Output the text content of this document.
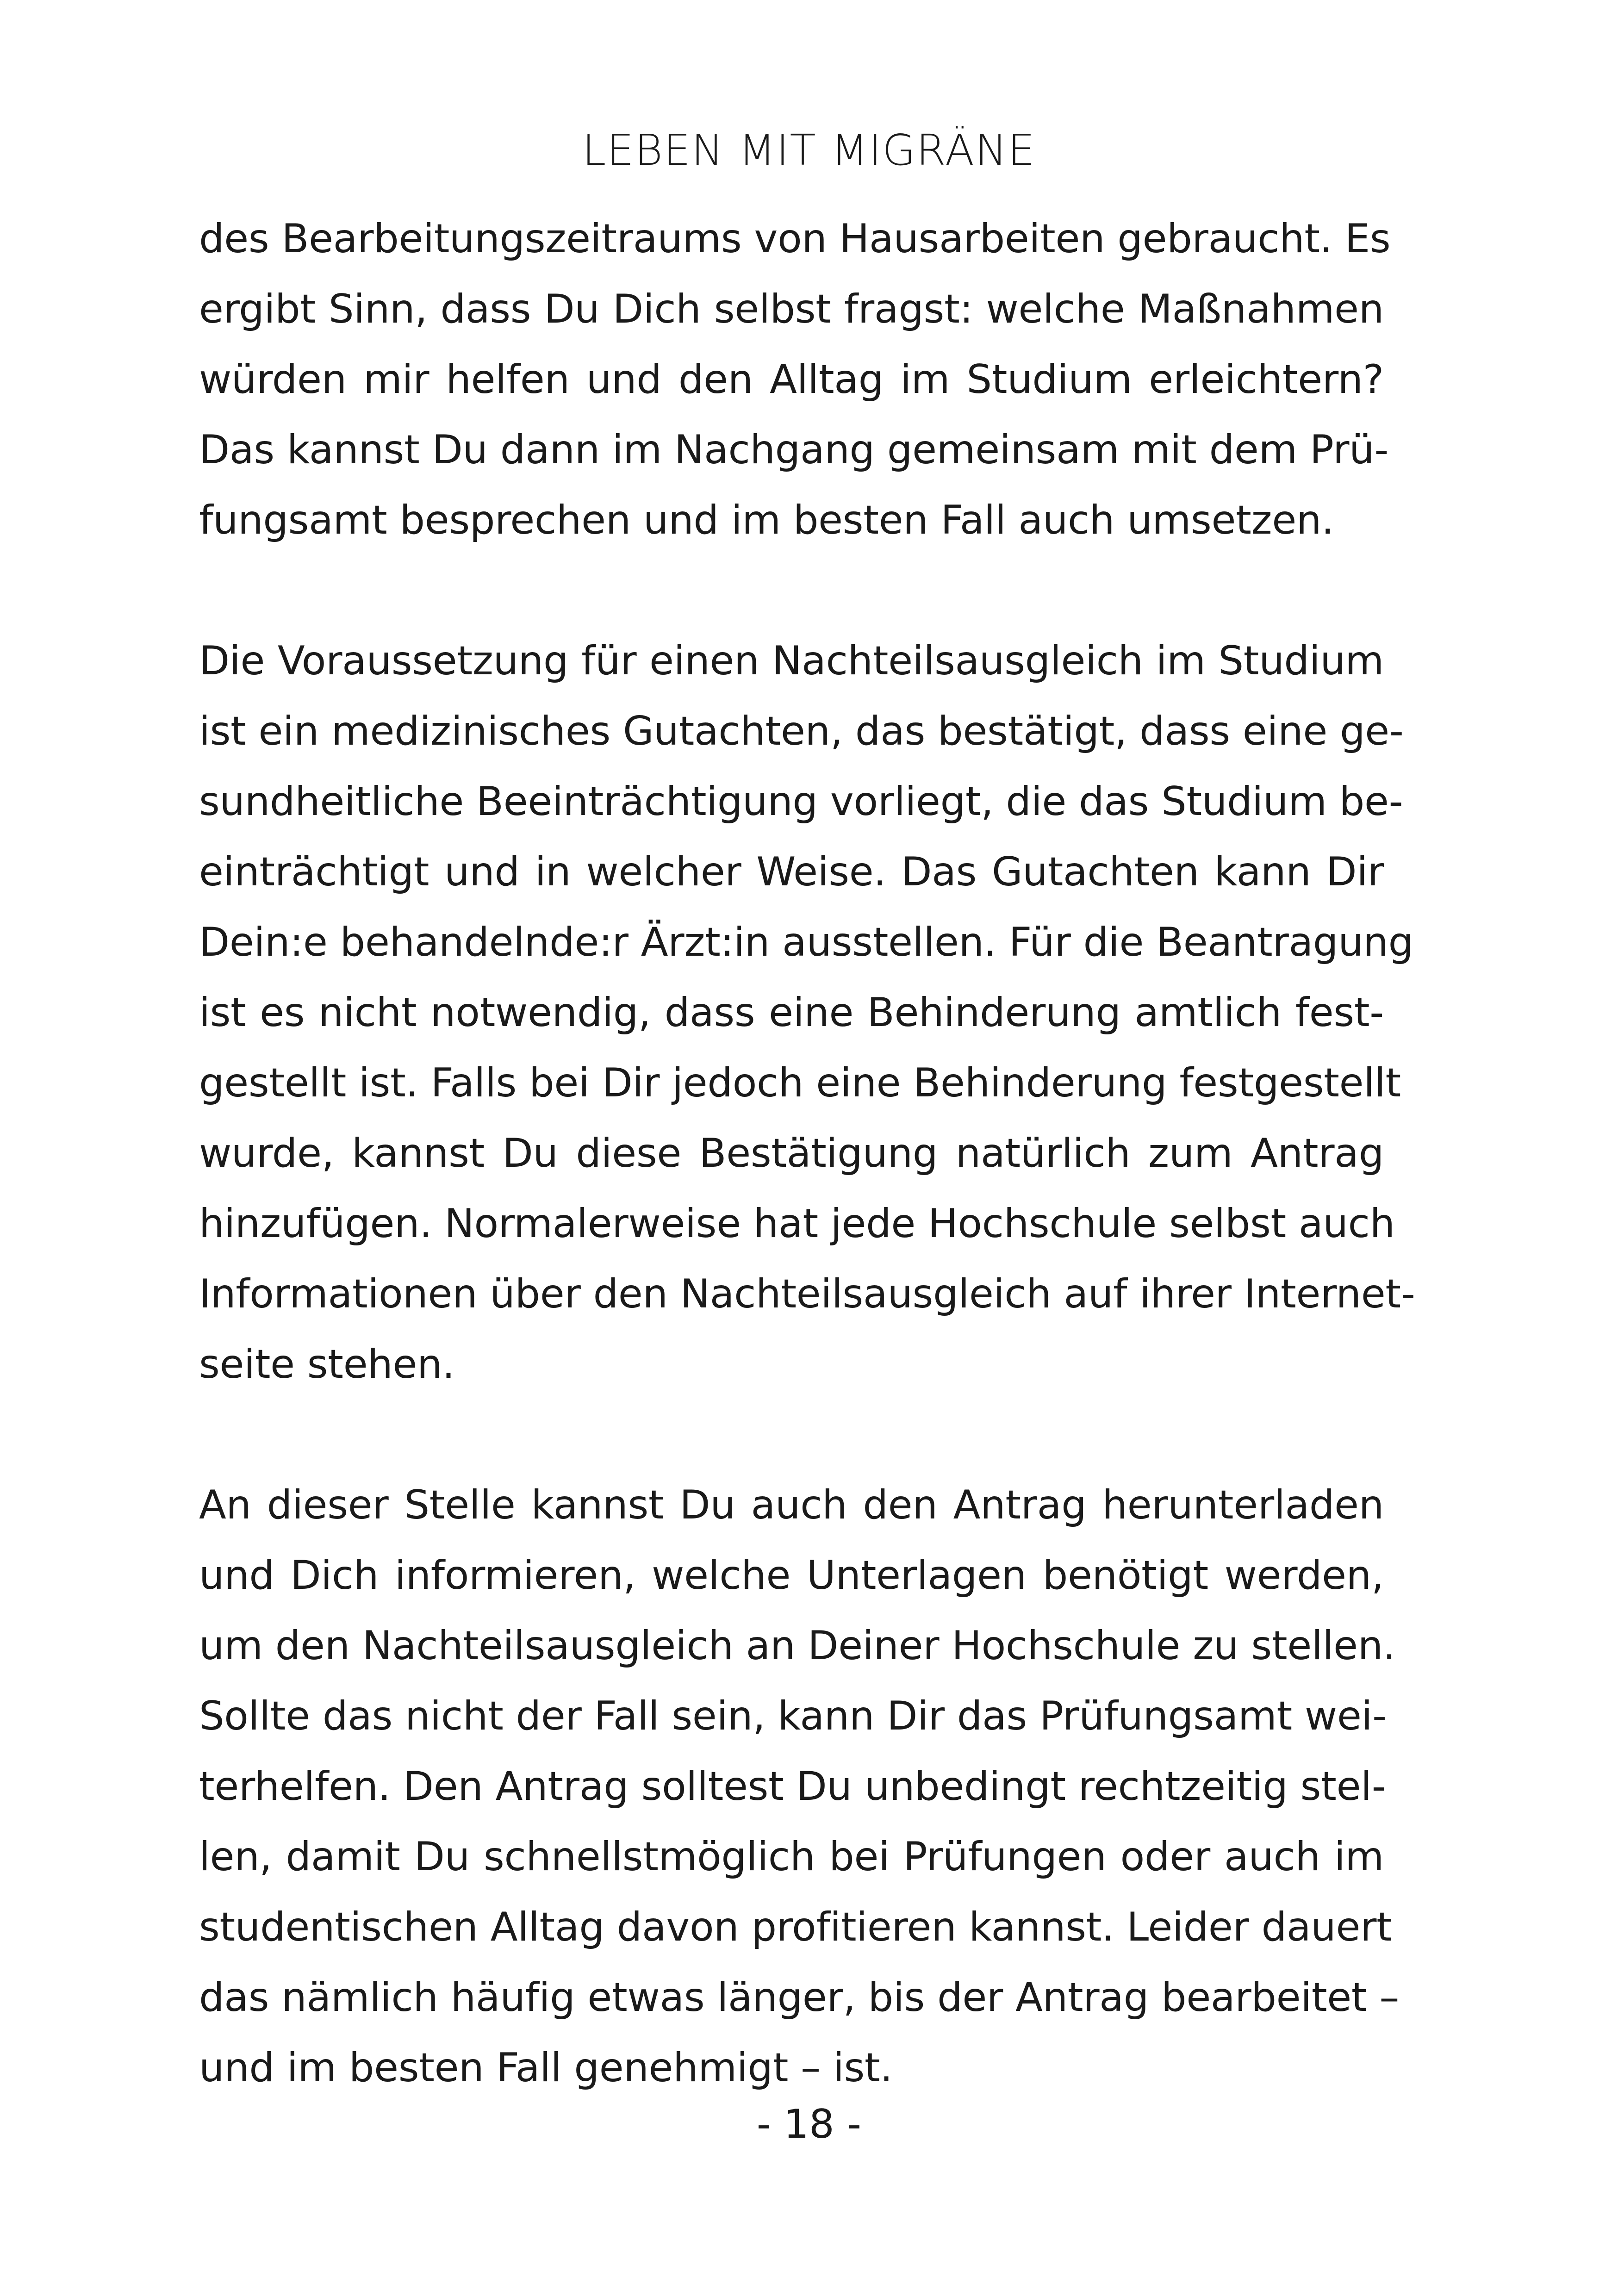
LEBEN MIT MIGRÄNE

des Bearbeitungszeitraums von Hausarbeiten gebraucht. Es
ergibt Sinn, dass Du Dich selbst fragst: welche Maßnahmen
würden mir helfen und den Alltag im Studium erleichtern?
Das kannst Du dann im Nachgang gemeinsam mit dem Prü-
fungsamt besprechen und im besten Fall auch umsetzen.

Die Voraussetzung für einen Nachteilsausgleich im Studium
ist ein medizinisches Gutachten, das bestätigt, dass eine ge-
sundheitliche Beeinträchtigung vorliegt, die das Studium be-
einträchtigt und in welcher Weise. Das Gutachten kann Dir
Dein:e behandelnde:r Ärzt:in ausstellen. Für die Beantragung
ist es nicht notwendig, dass eine Behinderung amtlich fest-
gestellt ist. Falls bei Dir jedoch eine Behinderung festgestellt
wurde, kannst Du diese Bestätigung natürlich zum Antrag
hinzufügen. Normalerweise hat jede Hochschule selbst auch
Informationen über den Nachteilsausgleich auf ihrer Internet-
seite stehen.

An dieser Stelle kannst Du auch den Antrag herunterladen
und Dich informieren, welche Unterlagen benötigt werden,
um den Nachteilsausgleich an Deiner Hochschule zu stellen.
Sollte das nicht der Fall sein, kann Dir das Prüfungsamt wei-
terhelfen. Den Antrag solltest Du unbedingt rechtzeitig stel-
len, damit Du schnellstmöglich bei Prüfungen oder auch im
studentischen Alltag davon profitieren kannst. Leider dauert
das nämlich häufig etwas länger, bis der Antrag bearbeitet –
und im besten Fall genehmigt – ist.

- 18 -
